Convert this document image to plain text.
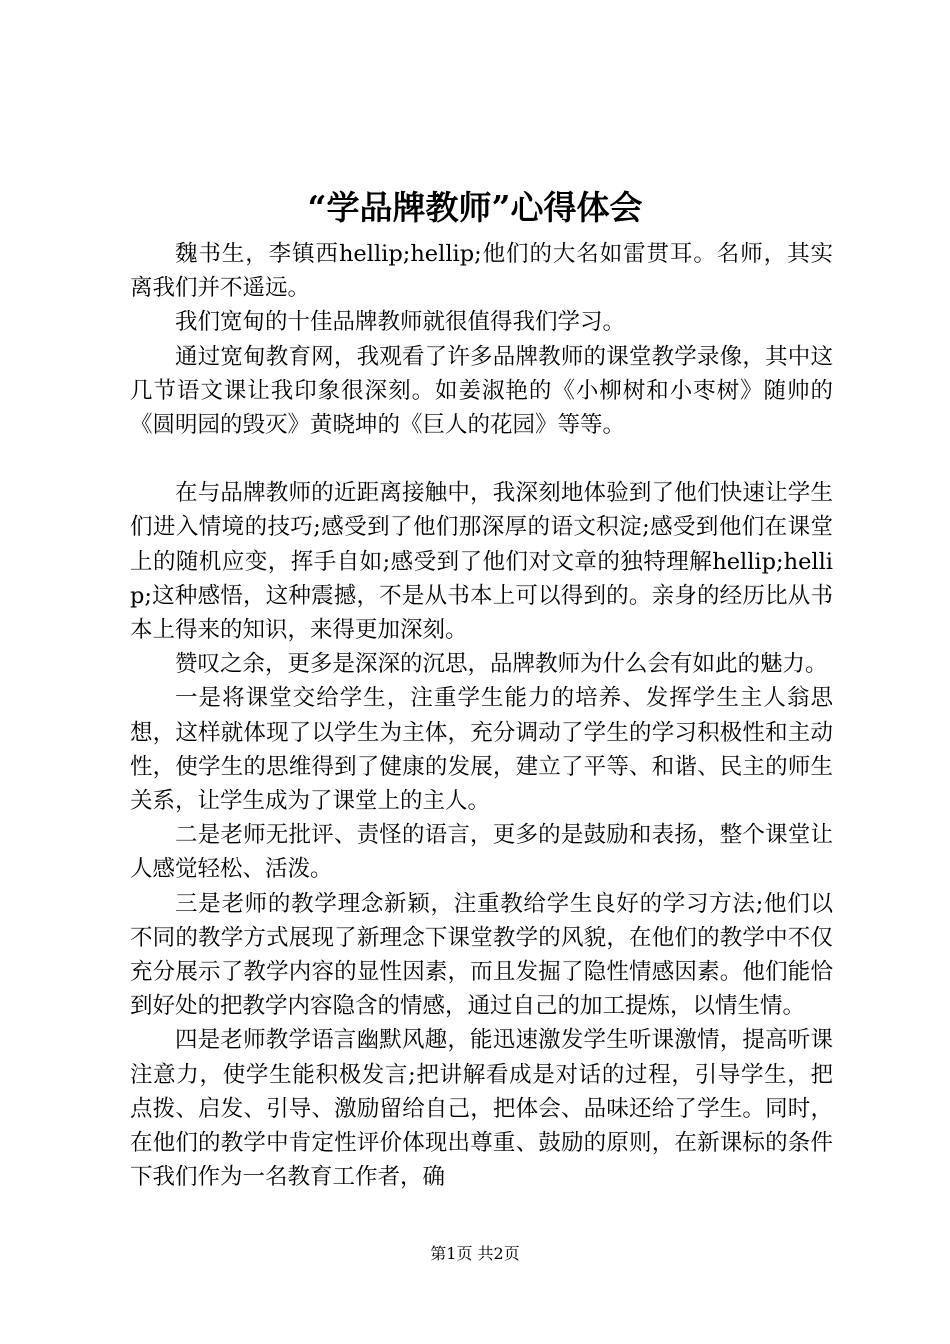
“学品牌教师”心得体会

魏书生，李镇西hellip;hellip;他们的大名如雷贯耳。名师，其实离我们并不遥远。

我们宽甸的十佳品牌教师就很值得我们学习。

通过宽甸教育网，我观看了许多品牌教师的课堂教学录像，其中这几节语文课让我印象很深刻。如姜淑艳的《小柳树和小枣树》随帅的《圆明园的毁灭》黄晓坤的《巨人的花园》等等。

在与品牌教师的近距离接触中，我深刻地体验到了他们快速让学生们进入情境的技巧;感受到了他们那深厚的语文积淀;感受到他们在课堂上的随机应变，挥手自如;感受到了他们对文章的独特理解hellip;hellip;这种感悟，这种震撼，不是从书本上可以得到的。亲身的经历比从书本上得来的知识，来得更加深刻。

赞叹之余，更多是深深的沉思，品牌教师为什么会有如此的魅力。

一是将课堂交给学生，注重学生能力的培养、发挥学生主人翁思想，这样就体现了以学生为主体，充分调动了学生的学习积极性和主动性，使学生的思维得到了健康的发展，建立了平等、和谐、民主的师生关系，让学生成为了课堂上的主人。

二是老师无批评、责怪的语言，更多的是鼓励和表扬，整个课堂让人感觉轻松、活泼。

三是老师的教学理念新颖，注重教给学生良好的学习方法;他们以不同的教学方式展现了新理念下课堂教学的风貌，在他们的教学中不仅充分展示了教学内容的显性因素，而且发掘了隐性情感因素。他们能恰到好处的把教学内容隐含的情感，通过自己的加工提炼，以情生情。

四是老师教学语言幽默风趣，能迅速激发学生听课激情，提高听课注意力，使学生能积极发言;把讲解看成是对话的过程，引导学生，把点拨、启发、引导、激励留给自己，把体会、品味还给了学生。同时，在他们的教学中肯定性评价体现出尊重、鼓励的原则，在新课标的条件下我们作为一名教育工作者，确

第1页 共2页
